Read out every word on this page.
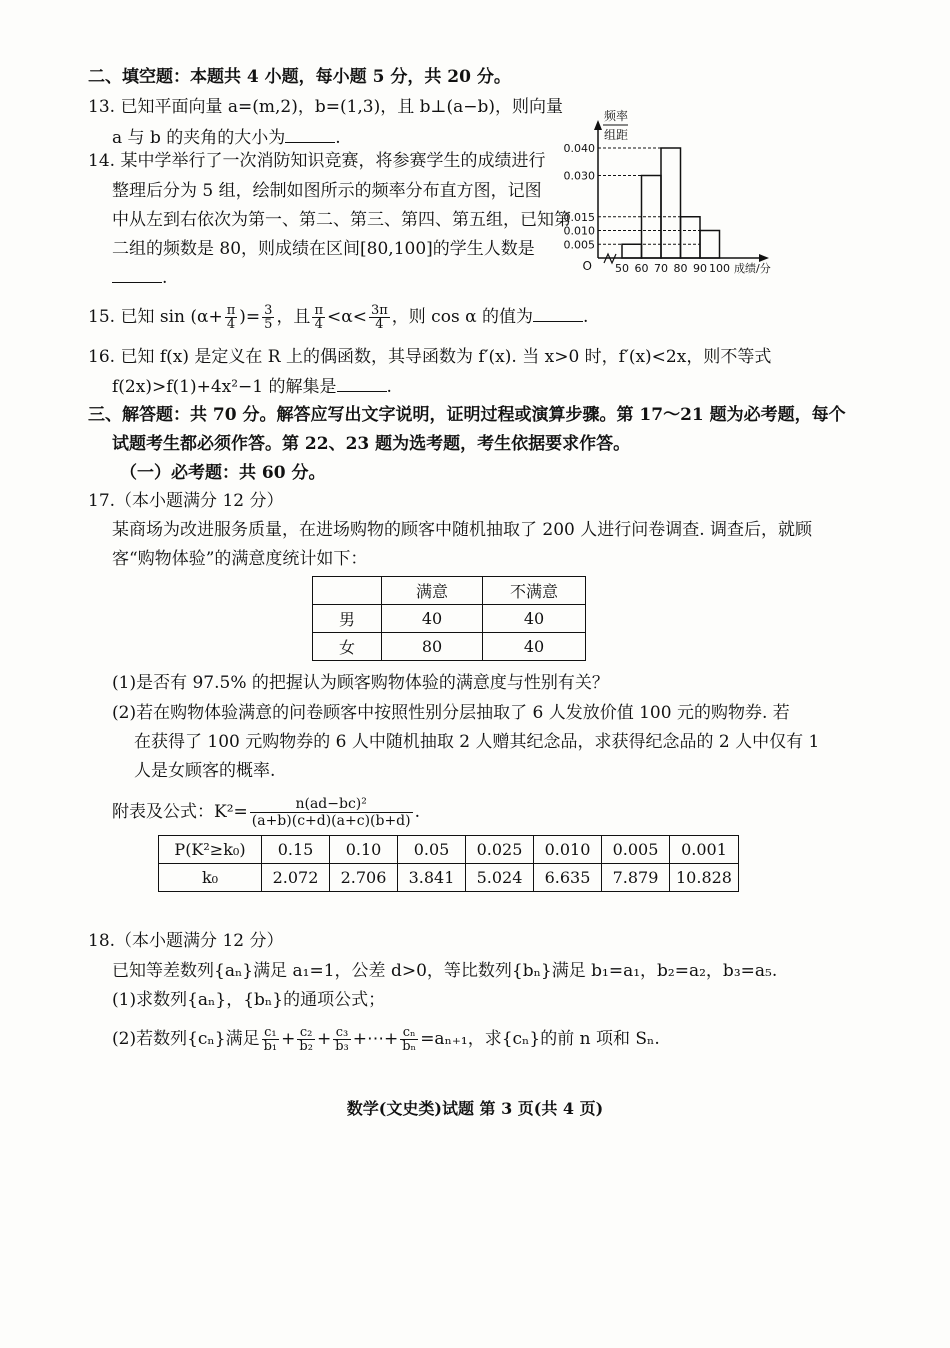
二、填空题：本题共 4 小题，每小题 5 分，共 20 分。
13. 已知平面向量 a=(m,2)，b=(1,3)，且 b⊥(a−b)，则向量
a 与 b 的夹角的大小为	.
14. 某中学举行了一次消防知识竞赛，将参赛学生的成绩进行
整理后分为 5 组，绘制如图所示的频率分布直方图，记图
中从左到右依次为第一、第二、第三、第四、第五组，已知第
二组的频数是 80，则成绩在区间[80,100]的学生人数是
.
0.040
0.030
0.015
0.010
0.005
50 60 70 80 90 100
O	成绩/分
频率
组距
15. 已知 $\sin (\alpha+ \frac{\pi}{4}$ )= $\frac{3}{5}$ ，且 $\frac{\pi}{4} <\alpha< \frac{3\pi}{4}$ ，则 cos α 的值为	.
16. 已知 f(x) 是定义在 R 上的偶函数，其导函数为 f′(x). 当 x>0 时，f′(x)<2x，则不等式
f(2x)>f(1)+4x²−1 的解集是	.
三、解答题：共 70 分。解答应写出文字说明，证明过程或演算步骤。第 17～21 题为必考题，每个
试题考生都必须作答。第 22、23 题为选考题，考生依据要求作答。
（一）必考题：共 60 分。
17.（本小题满分 12 分）
某商场为改进服务质量，在进场购物的顾客中随机抽取了 200 人进行问卷调查. 调查后，就顾
客“购物体验”的满意度统计如下：
	满意	不满意
男	40	40
女	80	40
(1)是否有 97.5% 的把握认为顾客购物体验的满意度与性别有关？
(2)若在购物体验满意的问卷顾客中按照性别分层抽取了 6 人发放价值 100 元的购物券. 若
在获得了 100 元购物券的 6 人中随机抽取 2 人赠其纪念品，求获得纪念品的 2 人中仅有 1
人是女顾客的概率.
附表及公式：$K^2= \frac{\text{n(ad−bc)²}}{(a+b)(c+d)(a+c)(b+d)}$ .
P(K²≥k₀)	0.15	0.10	0.05	0.025	0.010	0.005	0.001
k₀	2.072	2.706	3.841	5.024	6.635	7.879	10.828
18.（本小题满分 12 分）
已知等差数列{aₙ}满足 a₁=1，公差 d>0，等比数列{bₙ}满足 b₁=a₁，b₂=a₂，b₃=a₅.
(1)求数列{aₙ}，{bₙ}的通项公式；
(2)若数列{cₙ}满足 $\frac{\text{c₁}}{\text{b₁}} + \frac{\text{c₂}}{\text{b₂}} + \frac{\text{c₃}}{\text{b₃}}$ +⋯+ $\frac{\text{cₙ}}{\text{bₙ}} =a_{n+1}$，求{cₙ}的前 n 项和 Sₙ.
数学(文史类)试题 第 3 页(共 4 页)
